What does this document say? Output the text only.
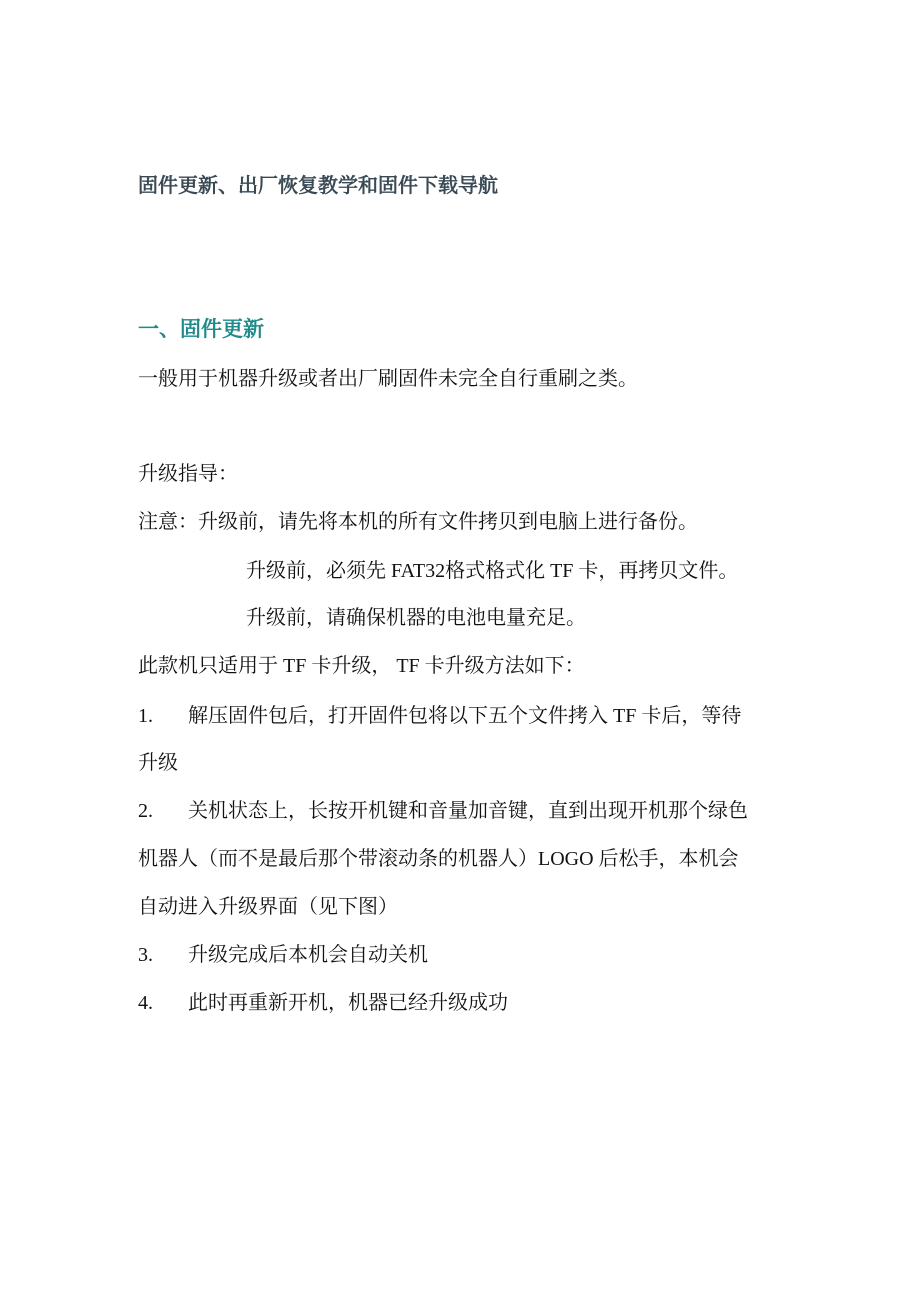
固件更新、出厂恢复教学和固件下载导航
一、固件更新
一般用于机器升级或者出厂刷固件未完全自行重刷之类。
升级指导：
注意：升级前，请先将本机的所有文件拷贝到电脑上进行备份。
升级前，必须先 FAT32格式格式化 TF 卡，再拷贝文件。
升级前，请确保机器的电池电量充足。
此款机只适用于 TF 卡升级， TF 卡升级方法如下：
1. 解压固件包后，打开固件包将以下五个文件拷入 TF 卡后，等待
升级
2. 关机状态上，长按开机键和音量加音键，直到出现开机那个绿色
机器人（而不是最后那个带滚动条的机器人）LOGO 后松手，本机会
自动进入升级界面（见下图）
3. 升级完成后本机会自动关机
4. 此时再重新开机，机器已经升级成功
